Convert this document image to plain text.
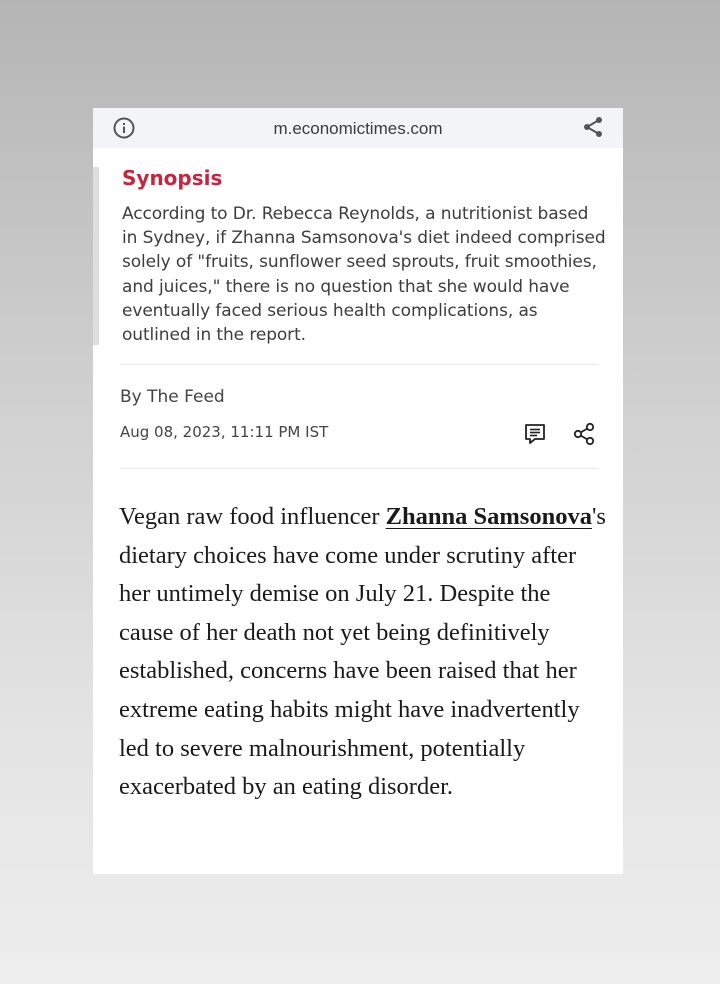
m.economictimes.com
Synopsis
According to Dr. Rebecca Reynolds, a nutritionist based in Sydney, if Zhanna Samsonova's diet indeed comprised solely of "fruits, sunflower seed sprouts, fruit smoothies, and juices," there is no question that she would have eventually faced serious health complications, as outlined in the report.
By The Feed
Aug 08, 2023, 11:11 PM IST
Vegan raw food influencer Zhanna Samsonova's dietary choices have come under scrutiny after her untimely demise on July 21. Despite the cause of her death not yet being definitively established, concerns have been raised that her extreme eating habits might have inadvertently led to severe malnourishment, potentially exacerbated by an eating disorder.
